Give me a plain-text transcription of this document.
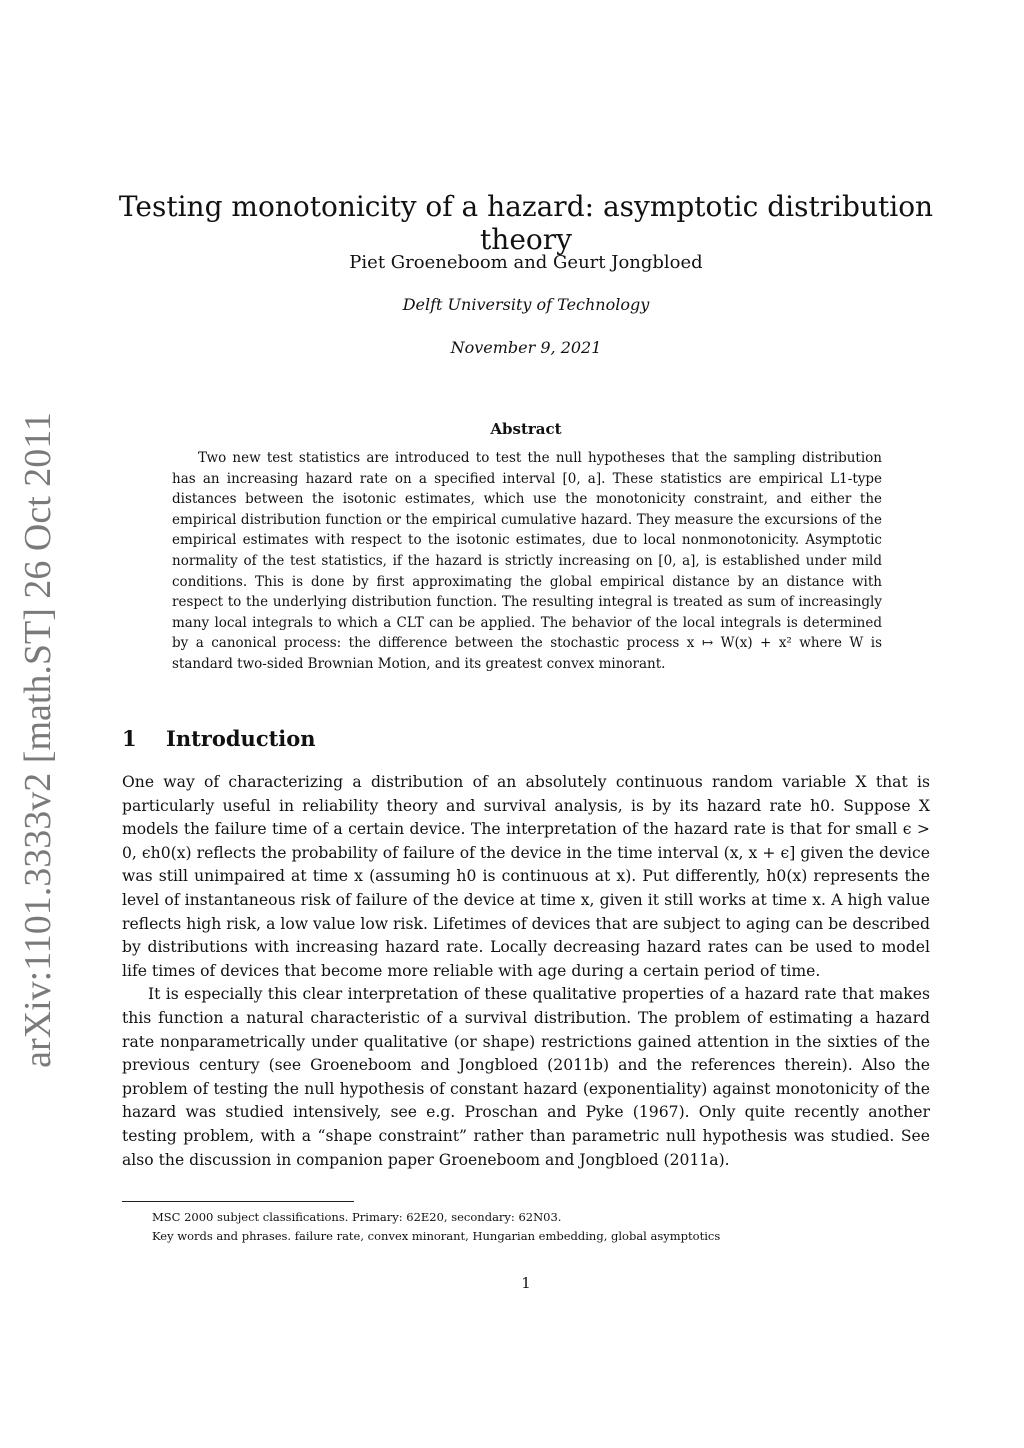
arXiv:1101.3333v2 [math.ST] 26 Oct 2011
Testing monotonicity of a hazard: asymptotic distribution theory
Piet Groeneboom and Geurt Jongbloed
Delft University of Technology
November 9, 2021
Abstract

Two new test statistics are introduced to test the null hypotheses that the sampling distribution has an increasing hazard rate on a specified interval [0, a]. These statistics are empirical L1-type distances between the isotonic estimates, which use the monotonicity constraint, and either the empirical distribution function or the empirical cumulative hazard. They measure the excursions of the empirical estimates with respect to the isotonic estimates, due to local nonmonotonicity. Asymptotic normality of the test statistics, if the hazard is strictly increasing on [0, a], is established under mild conditions. This is done by first approximating the global empirical distance by an distance with respect to the underlying distribution function. The resulting integral is treated as sum of increasingly many local integrals to which a CLT can be applied. The behavior of the local integrals is determined by a canonical process: the difference between the stochastic process x ↦ W(x) + x² where W is standard two-sided Brownian Motion, and its greatest convex minorant.

1 Introduction

One way of characterizing a distribution of an absolutely continuous random variable X that is particularly useful in reliability theory and survival analysis, is by its hazard rate h0. Suppose X models the failure time of a certain device. The interpretation of the hazard rate is that for small ϵ > 0, ϵh0(x) reflects the probability of failure of the device in the time interval (x, x + ϵ] given the device was still unimpaired at time x (assuming h0 is continuous at x). Put differently, h0(x) represents the level of instantaneous risk of failure of the device at time x, given it still works at time x. A high value reflects high risk, a low value low risk. Lifetimes of devices that are subject to aging can be described by distributions with increasing hazard rate. Locally decreasing hazard rates can be used to model life times of devices that become more reliable with age during a certain period of time.

It is especially this clear interpretation of these qualitative properties of a hazard rate that makes this function a natural characteristic of a survival distribution. The problem of estimating a hazard rate nonparametrically under qualitative (or shape) restrictions gained attention in the sixties of the previous century (see Groeneboom and Jongbloed (2011b) and the references therein). Also the problem of testing the null hypothesis of constant hazard (exponentiality) against monotonicity of the hazard was studied intensively, see e.g. Proschan and Pyke (1967). Only quite recently another testing problem, with a “shape constraint” rather than parametric null hypothesis was studied. See also the discussion in companion paper Groeneboom and Jongbloed (2011a).

MSC 2000 subject classifications. Primary: 62E20, secondary: 62N03.
Key words and phrases. failure rate, convex minorant, Hungarian embedding, global asymptotics
1
